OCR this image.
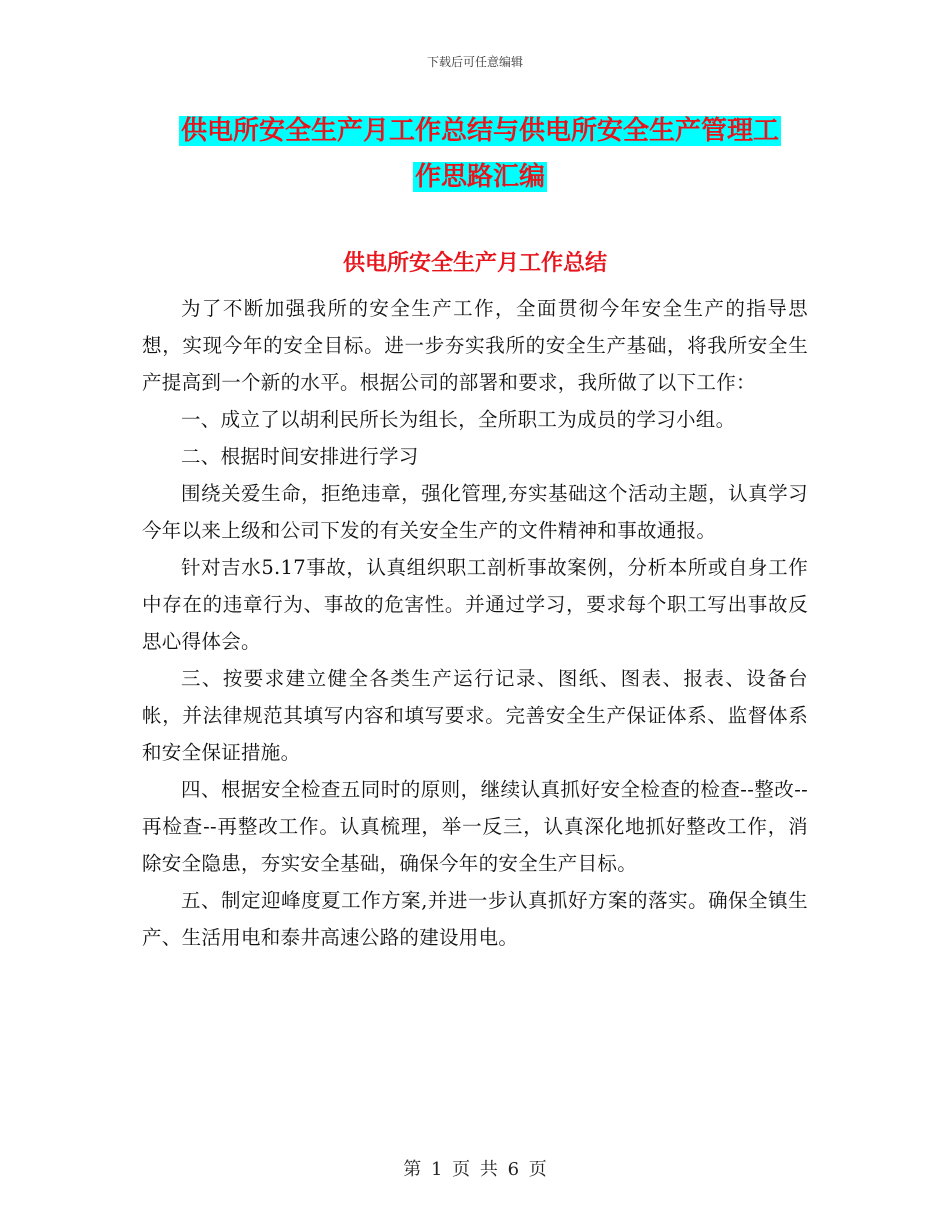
下载后可任意编辑
供电所安全生产月工作总结与供电所安全生产管理工
作思路汇编
供电所安全生产月工作总结

为了不断加强我所的安全生产工作，全面贯彻今年安全生产的指导思想，实现今年的安全目标。进一步夯实我所的安全生产基础，将我所安全生产提高到一个新的水平。根据公司的部署和要求，我所做了以下工作：

一、成立了以胡利民所长为组长，全所职工为成员的学习小组。

二、根据时间安排进行学习

围绕关爱生命，拒绝违章，强化管理,夯实基础这个活动主题，认真学习今年以来上级和公司下发的有关安全生产的文件精神和事故通报。

针对吉水5.17事故，认真组织职工剖析事故案例，分析本所或自身工作中存在的违章行为、事故的危害性。并通过学习，要求每个职工写出事故反思心得体会。

三、按要求建立健全各类生产运行记录、图纸、图表、报表、设备台帐，并法律规范其填写内容和填写要求。完善安全生产保证体系、监督体系和安全保证措施。

四、根据安全检查五同时的原则，继续认真抓好安全检查的检查--整改--再检查--再整改工作。认真梳理，举一反三，认真深化地抓好整改工作，消除安全隐患，夯实安全基础，确保今年的安全生产目标。

五、制定迎峰度夏工作方案,并进一步认真抓好方案的落实。确保全镇生产、生活用电和泰井高速公路的建设用电。

第 1 页 共 6 页
